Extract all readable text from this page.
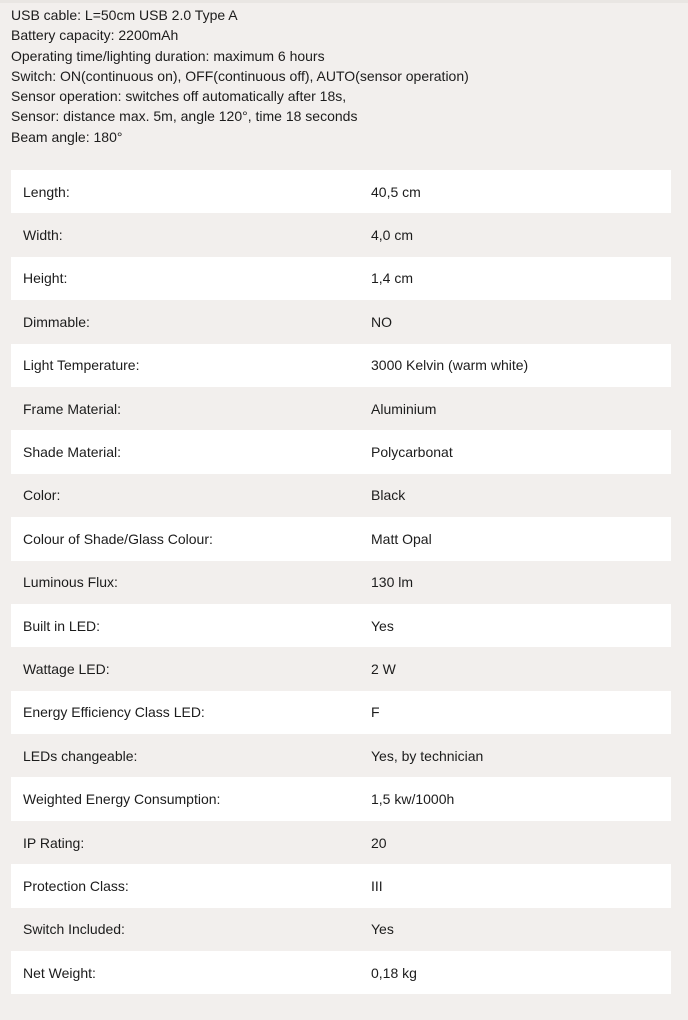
USB cable: L=50cm USB 2.0 Type A
Battery capacity: 2200mAh
Operating time/lighting duration: maximum 6 hours
Switch: ON(continuous on), OFF(continuous off), AUTO(sensor operation)
Sensor operation: switches off automatically after 18s,
Sensor: distance max. 5m, angle 120°, time 18 seconds
Beam angle: 180°
Length:	40,5 cm
Width:	4,0 cm
Height:	1,4 cm
Dimmable:	NO
Light Temperature:	3000 Kelvin (warm white)
Frame Material:	Aluminium
Shade Material:	Polycarbonat
Color:	Black
Colour of Shade/Glass Colour:	Matt Opal
Luminous Flux:	130 lm
Built in LED:	Yes
Wattage LED:	2 W
Energy Efficiency Class LED:	F
LEDs changeable:	Yes, by technician
Weighted Energy Consumption:	1,5 kw/1000h
IP Rating:	20
Protection Class:	III
Switch Included:	Yes
Net Weight:	0,18 kg
